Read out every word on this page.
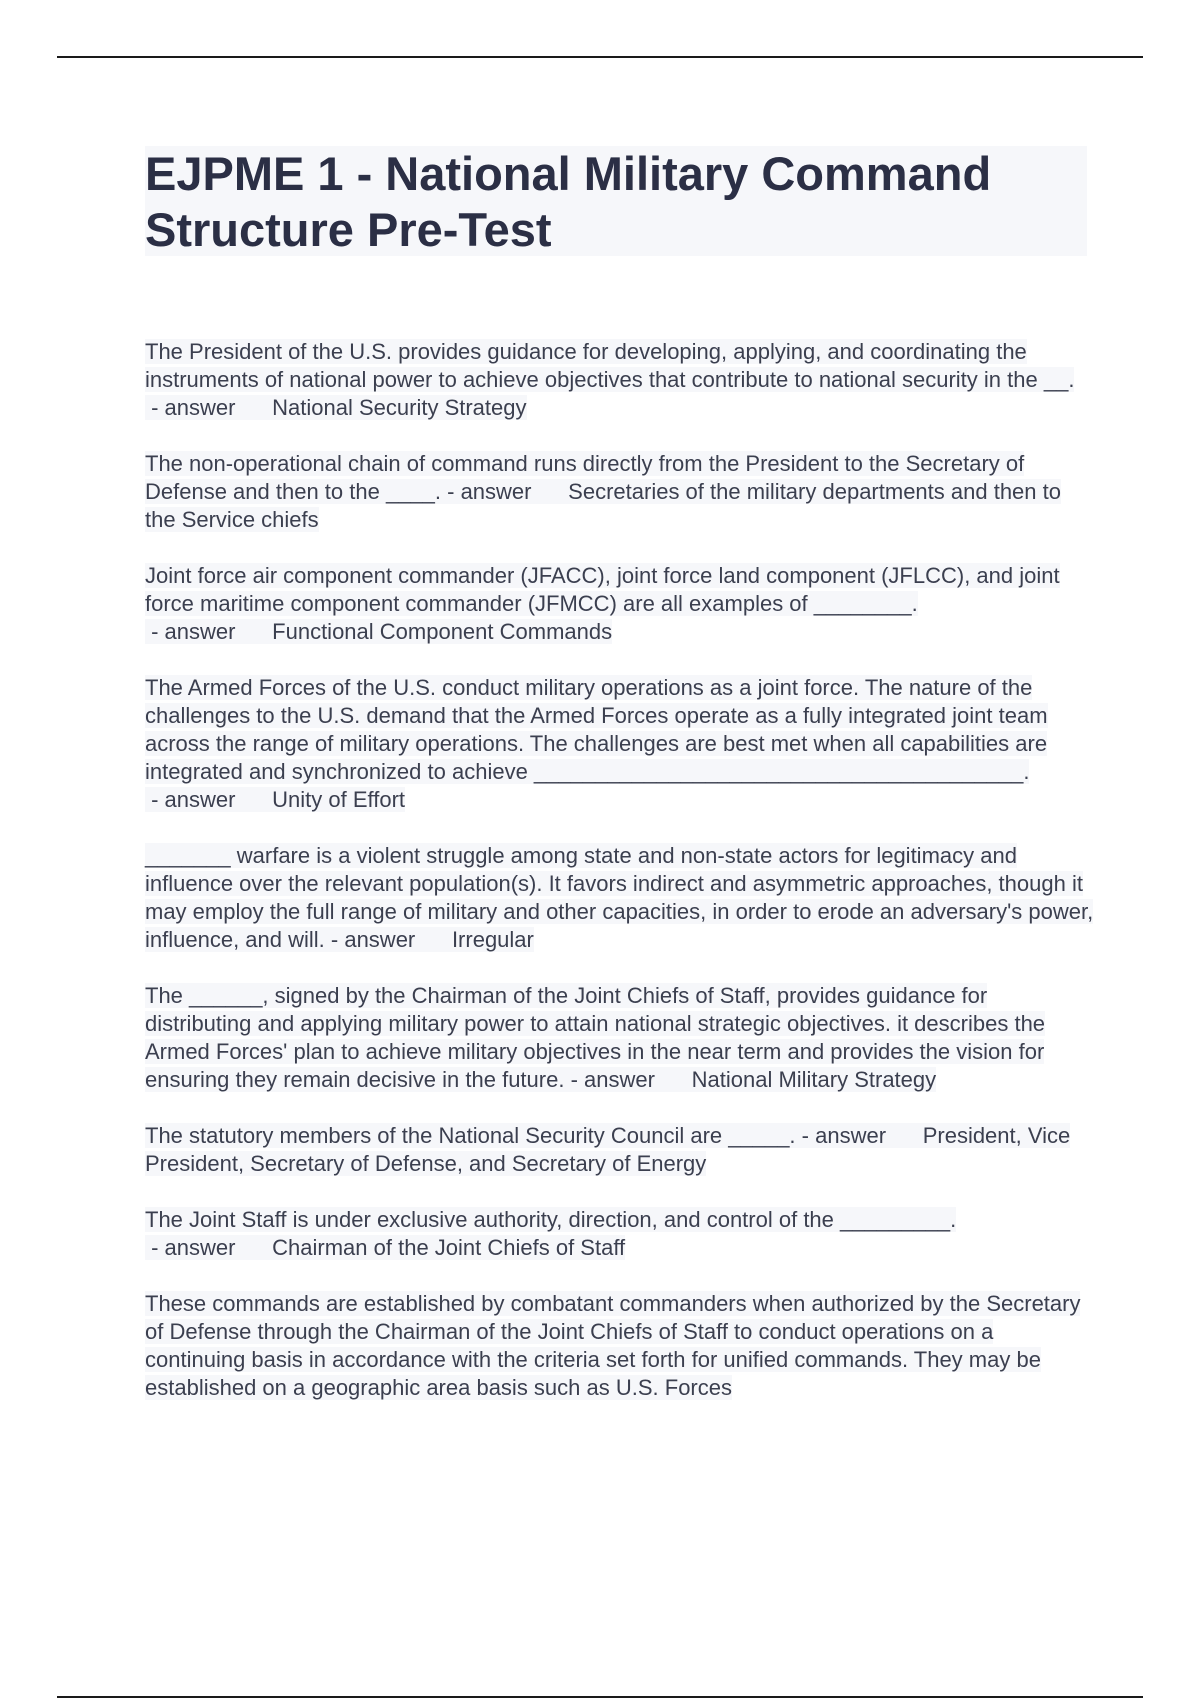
EJPME 1 - National Military Command Structure Pre-Test

The President of the U.S. provides guidance for developing, applying, and coordinating the instruments of national power to achieve objectives that contribute to national security in the __. - answer      National Security Strategy

The non-operational chain of command runs directly from the President to the Secretary of Defense and then to the ____. - answer      Secretaries of the military departments and then to the Service chiefs

Joint force air component commander (JFACC), joint force land component (JFLCC), and joint force maritime component commander (JFMCC) are all examples of ________. - answer      Functional Component Commands

The Armed Forces of the U.S. conduct military operations as a joint force. The nature of the challenges to the U.S. demand that the Armed Forces operate as a fully integrated joint team across the range of military operations. The challenges are best met when all capabilities are integrated and synchronized to achieve ________________________________________. - answer      Unity of Effort

_______ warfare is a violent struggle among state and non-state actors for legitimacy and influence over the relevant population(s). It favors indirect and asymmetric approaches, though it may employ the full range of military and other capacities, in order to erode an adversary's power, influence, and will. - answer      Irregular

The ______, signed by the Chairman of the Joint Chiefs of Staff, provides guidance for distributing and applying military power to attain national strategic objectives. it describes the Armed Forces' plan to achieve military objectives in the near term and provides the vision for ensuring they remain decisive in the future. - answer      National Military Strategy

The statutory members of the National Security Council are _____. - answer      President, Vice President, Secretary of Defense, and Secretary of Energy

The Joint Staff is under exclusive authority, direction, and control of the _________. - answer      Chairman of the Joint Chiefs of Staff

These commands are established by combatant commanders when authorized by the Secretary of Defense through the Chairman of the Joint Chiefs of Staff to conduct operations on a continuing basis in accordance with the criteria set forth for unified commands. They may be established on a geographic area basis such as U.S. Forces
